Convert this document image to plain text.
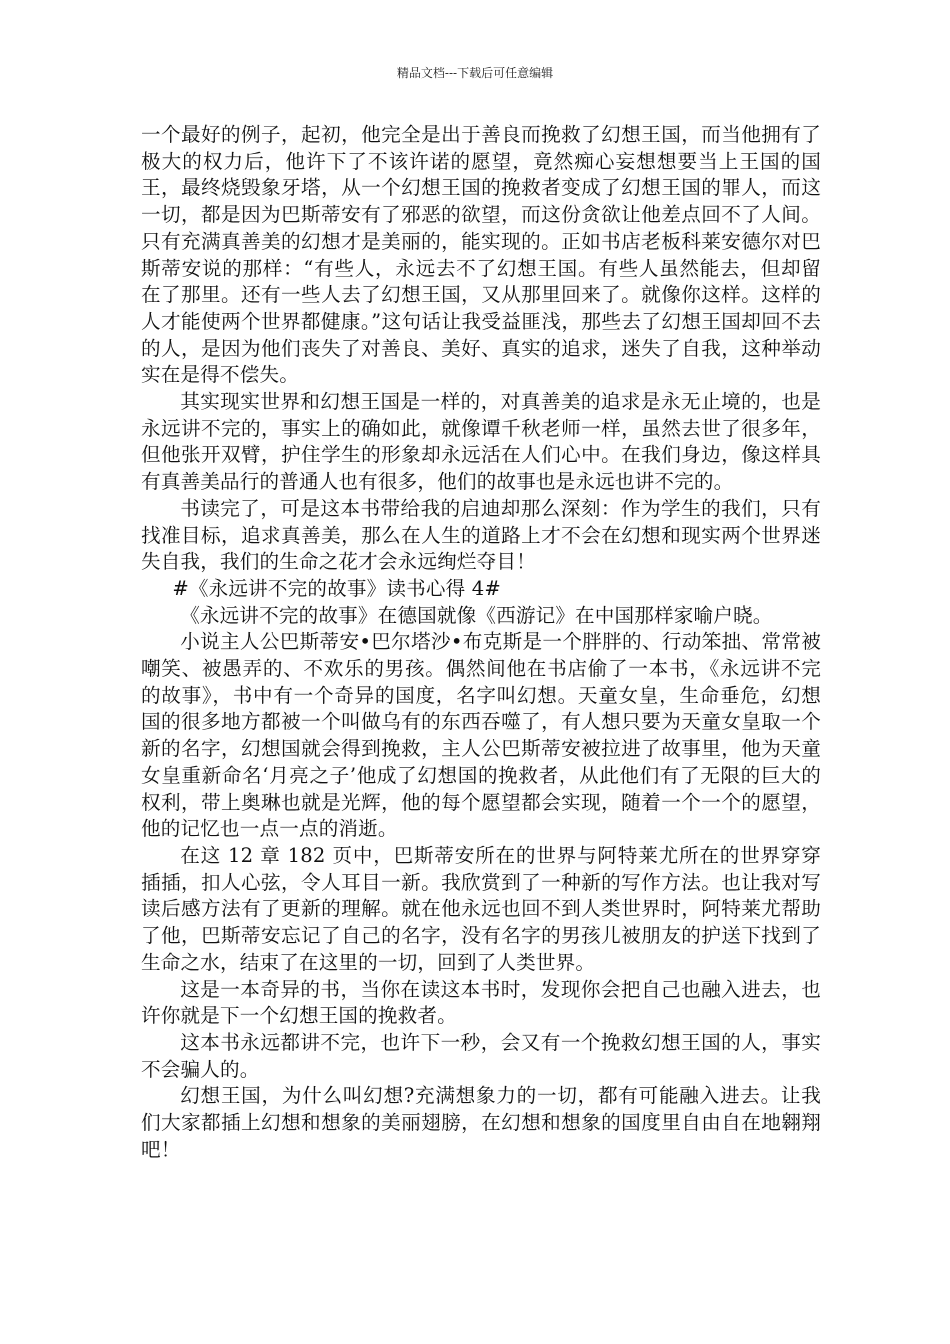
精品文档---下载后可任意编辑

一个最好的例子，起初，他完全是出于善良而挽救了幻想王国，而当他拥有了极大的权力后，他许下了不该许诺的愿望，竟然痴心妄想想要当上王国的国王，最终烧毁象牙塔，从一个幻想王国的挽救者变成了幻想王国的罪人，而这一切，都是因为巴斯蒂安有了邪恶的欲望，而这份贪欲让他差点回不了人间。只有充满真善美的幻想才是美丽的，能实现的。正如书店老板科莱安德尔对巴斯蒂安说的那样：“有些人，永远去不了幻想王国。有些人虽然能去，但却留在了那里。还有一些人去了幻想王国，又从那里回来了。就像你这样。这样的人才能使两个世界都健康。”这句话让我受益匪浅，那些去了幻想王国却回不去的人，是因为他们丧失了对善良、美好、真实的追求，迷失了自我，这种举动实在是得不偿失。

其实现实世界和幻想王国是一样的，对真善美的追求是永无止境的，也是永远讲不完的，事实上的确如此，就像谭千秋老师一样，虽然去世了很多年，但他张开双臂，护住学生的形象却永远活在人们心中。在我们身边，像这样具有真善美品行的普通人也有很多，他们的故事也是永远也讲不完的。

书读完了，可是这本书带给我的启迪却那么深刻：作为学生的我们，只有找准目标，追求真善美，那么在人生的道路上才不会在幻想和现实两个世界迷失自我，我们的生命之花才会永远绚烂夺目！

#《永远讲不完的故事》读书心得 4#

《永远讲不完的故事》在德国就像《西游记》在中国那样家喻户晓。

小说主人公巴斯蒂安•巴尔塔沙•布克斯是一个胖胖的、行动笨拙、常常被嘲笑、被愚弄的、不欢乐的男孩。偶然间他在书店偷了一本书，《永远讲不完的故事》，书中有一个奇异的国度，名字叫幻想。天童女皇，生命垂危，幻想国的很多地方都被一个叫做乌有的东西吞噬了，有人想只要为天童女皇取一个新的名字，幻想国就会得到挽救，主人公巴斯蒂安被拉进了故事里，他为天童女皇重新命名‘月亮之子’他成了幻想国的挽救者，从此他们有了无限的巨大的权利，带上奥琳也就是光辉，他的每个愿望都会实现，随着一个一个的愿望，他的记忆也一点一点的消逝。

在这 12 章 182 页中，巴斯蒂安所在的世界与阿特莱尤所在的世界穿穿插插，扣人心弦，令人耳目一新。我欣赏到了一种新的写作方法。也让我对写读后感方法有了更新的理解。就在他永远也回不到人类世界时，阿特莱尤帮助了他，巴斯蒂安忘记了自己的名字，没有名字的男孩儿被朋友的护送下找到了生命之水，结束了在这里的一切，回到了人类世界。

这是一本奇异的书，当你在读这本书时，发现你会把自己也融入进去，也许你就是下一个幻想王国的挽救者。

这本书永远都讲不完，也许下一秒，会又有一个挽救幻想王国的人，事实不会骗人的。

幻想王国，为什么叫幻想?充满想象力的一切，都有可能融入进去。让我们大家都插上幻想和想象的美丽翅膀，在幻想和想象的国度里自由自在地翱翔吧！
